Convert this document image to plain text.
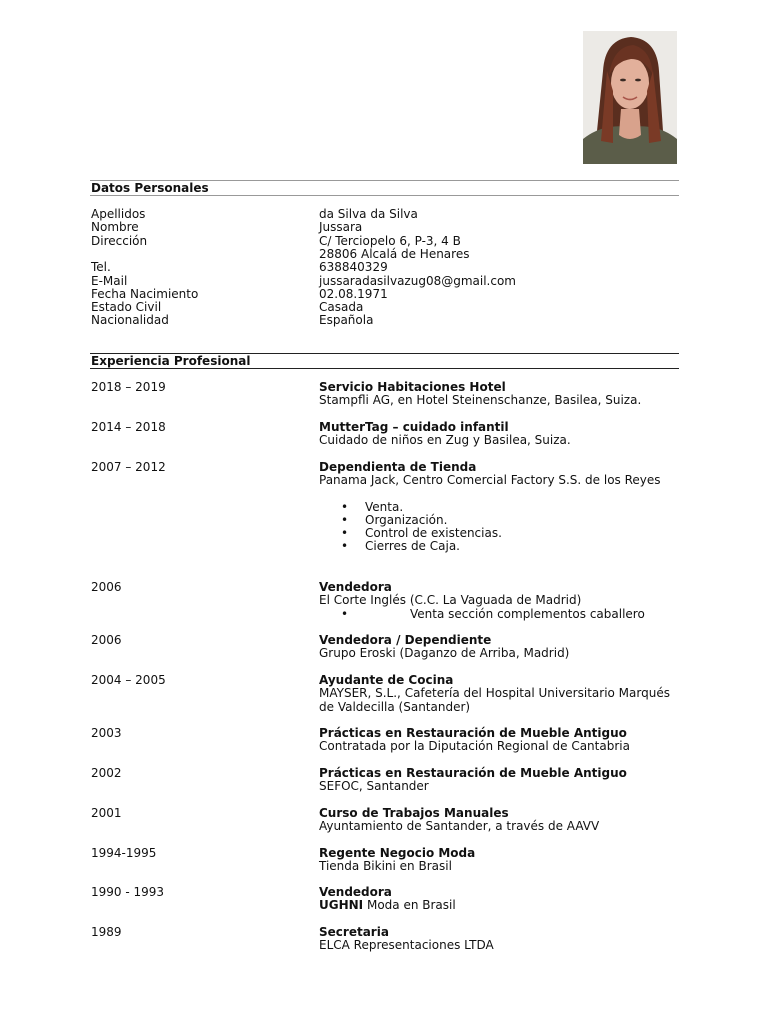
Datos Personales
Apellidos	da Silva da Silva
Nombre	Jussara
Dirección	C/ Terciopelo 6, P-3, 4 B
28806 Alcalá de Henares
Tel.	638840329
E-Mail	jussaradasilvazug08@gmail.com
Fecha Nacimiento	02.08.1971
Estado Civil	Casada
Nacionalidad	Española
Experiencia Profesional
2018 – 2019	Servicio Habitaciones Hotel
Stampfli AG, en Hotel Steinenschanze, Basilea, Suiza.
2014 – 2018	MutterTag – cuidado infantil
Cuidado de niños en Zug y Basilea, Suiza.
2007 – 2012	Dependienta de Tienda
Panama Jack, Centro Comercial Factory S.S. de los Reyes
• Venta.
• Organización.
• Control de existencias.
• Cierres de Caja.
2006	Vendedora
El Corte Inglés (C.C. La Vaguada de Madrid)
•	Venta sección complementos caballero
2006	Vendedora / Dependiente
Grupo Eroski (Daganzo de Arriba, Madrid)
2004 – 2005	Ayudante de Cocina
MAYSER, S.L., Cafetería del Hospital Universitario Marqués de Valdecilla (Santander)
2003	Prácticas en Restauración de Mueble Antiguo
Contratada por la Diputación Regional de Cantabria
2002	Prácticas en Restauración de Mueble Antiguo
SEFOC, Santander
2001	Curso de Trabajos Manuales
Ayuntamiento de Santander, a través de AAVV
1994-1995	Regente Negocio Moda
Tienda Bikini en Brasil
1990 - 1993	Vendedora
UGHNI Moda en Brasil
1989	Secretaria
ELCA Representaciones LTDA
